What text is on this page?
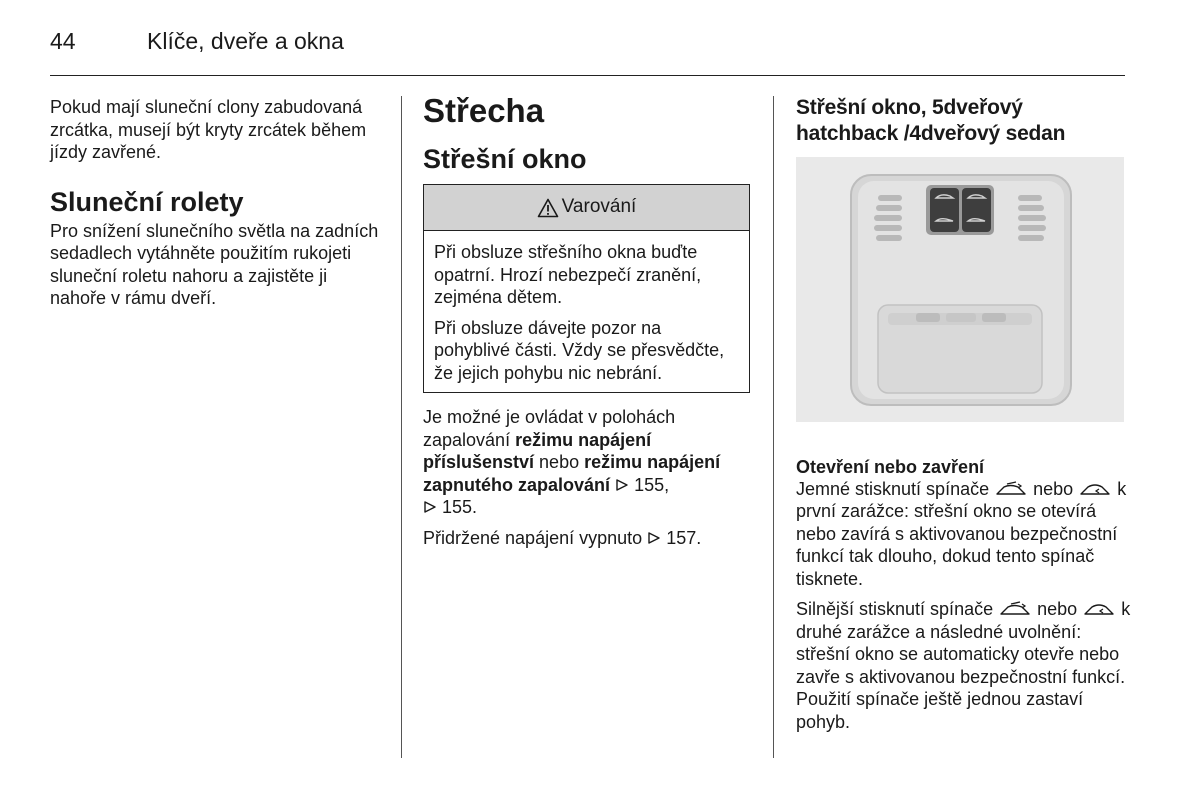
44	Klíče, dveře a okna

Pokud mají sluneční clony zabudovaná zrcátka, musejí být kryty zrcátek během jízdy zavřené.

Sluneční rolety

Pro snížení slunečního světla na zadních sedadlech vytáhněte použitím rukojeti sluneční roletu nahoru a zajistěte ji nahoře v rámu dveří.

Střecha
Střešní okno
Varování

Při obsluze střešního okna buďte opatrní. Hrozí nebezpečí zranění, zejména dětem.

Při obsluze dávejte pozor na pohyblivé části. Vždy se přesvědčte, že jejich pohybu nic nebrání.

Je možné je ovládat v polohách zapalování režimu napájení příslušenství nebo režimu napájení zapnutého zapalování 155,
155.

Přidržené napájení vypnuto 157.

Střešní okno, 5dveřový
hatchback /4dveřový sedan
Otevření nebo zavření

Jemné stisknutí spínače nebo k první zarážce: střešní okno se otevírá nebo zavírá s aktivovanou bezpečnostní funkcí tak dlouho, dokud tento spínač tisknete.

Silnější stisknutí spínače nebo k druhé zarážce a následné uvolnění: střešní okno se automaticky otevře nebo zavře s aktivovanou bezpečnostní funkcí. Použití spínače ještě jednou zastaví pohyb.
